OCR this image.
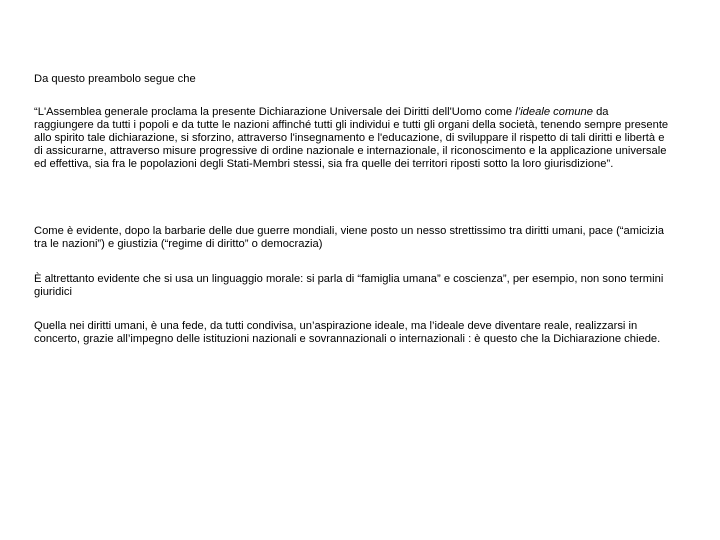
Da questo preambolo segue che

“L'Assemblea generale proclama la presente Dichiarazione Universale dei Diritti dell'Uomo come l’ideale comune da raggiungere da tutti i popoli e da tutte le nazioni affinché tutti gli individui e tutti gli organi della società, tenendo sempre presente allo spirito tale dichiarazione, si sforzino, attraverso l'insegnamento e l'educazione, di sviluppare il rispetto di tali diritti e libertà e di assicurarne, attraverso misure progressive di ordine nazionale e internazionale, il riconoscimento e la applicazione universale ed effettiva, sia fra le popolazioni degli Stati-Membri stessi, sia fra quelle dei territori riposti sotto la loro giurisdizione”.

Come è evidente, dopo la barbarie delle due guerre mondiali, viene posto un nesso strettissimo tra diritti umani, pace (“amicizia tra le nazioni”) e giustizia (“regime di diritto” o democrazia)

È altrettanto evidente che si usa un linguaggio morale: si parla di “famiglia umana” e coscienza”, per esempio, non sono termini giuridici

Quella nei diritti umani, è una fede, da tutti condivisa, un’aspirazione ideale, ma l’ideale deve diventare reale, realizzarsi in concerto, grazie all’impegno delle istituzioni nazionali e sovrannazionali o internazionali : è questo che la Dichiarazione chiede.
